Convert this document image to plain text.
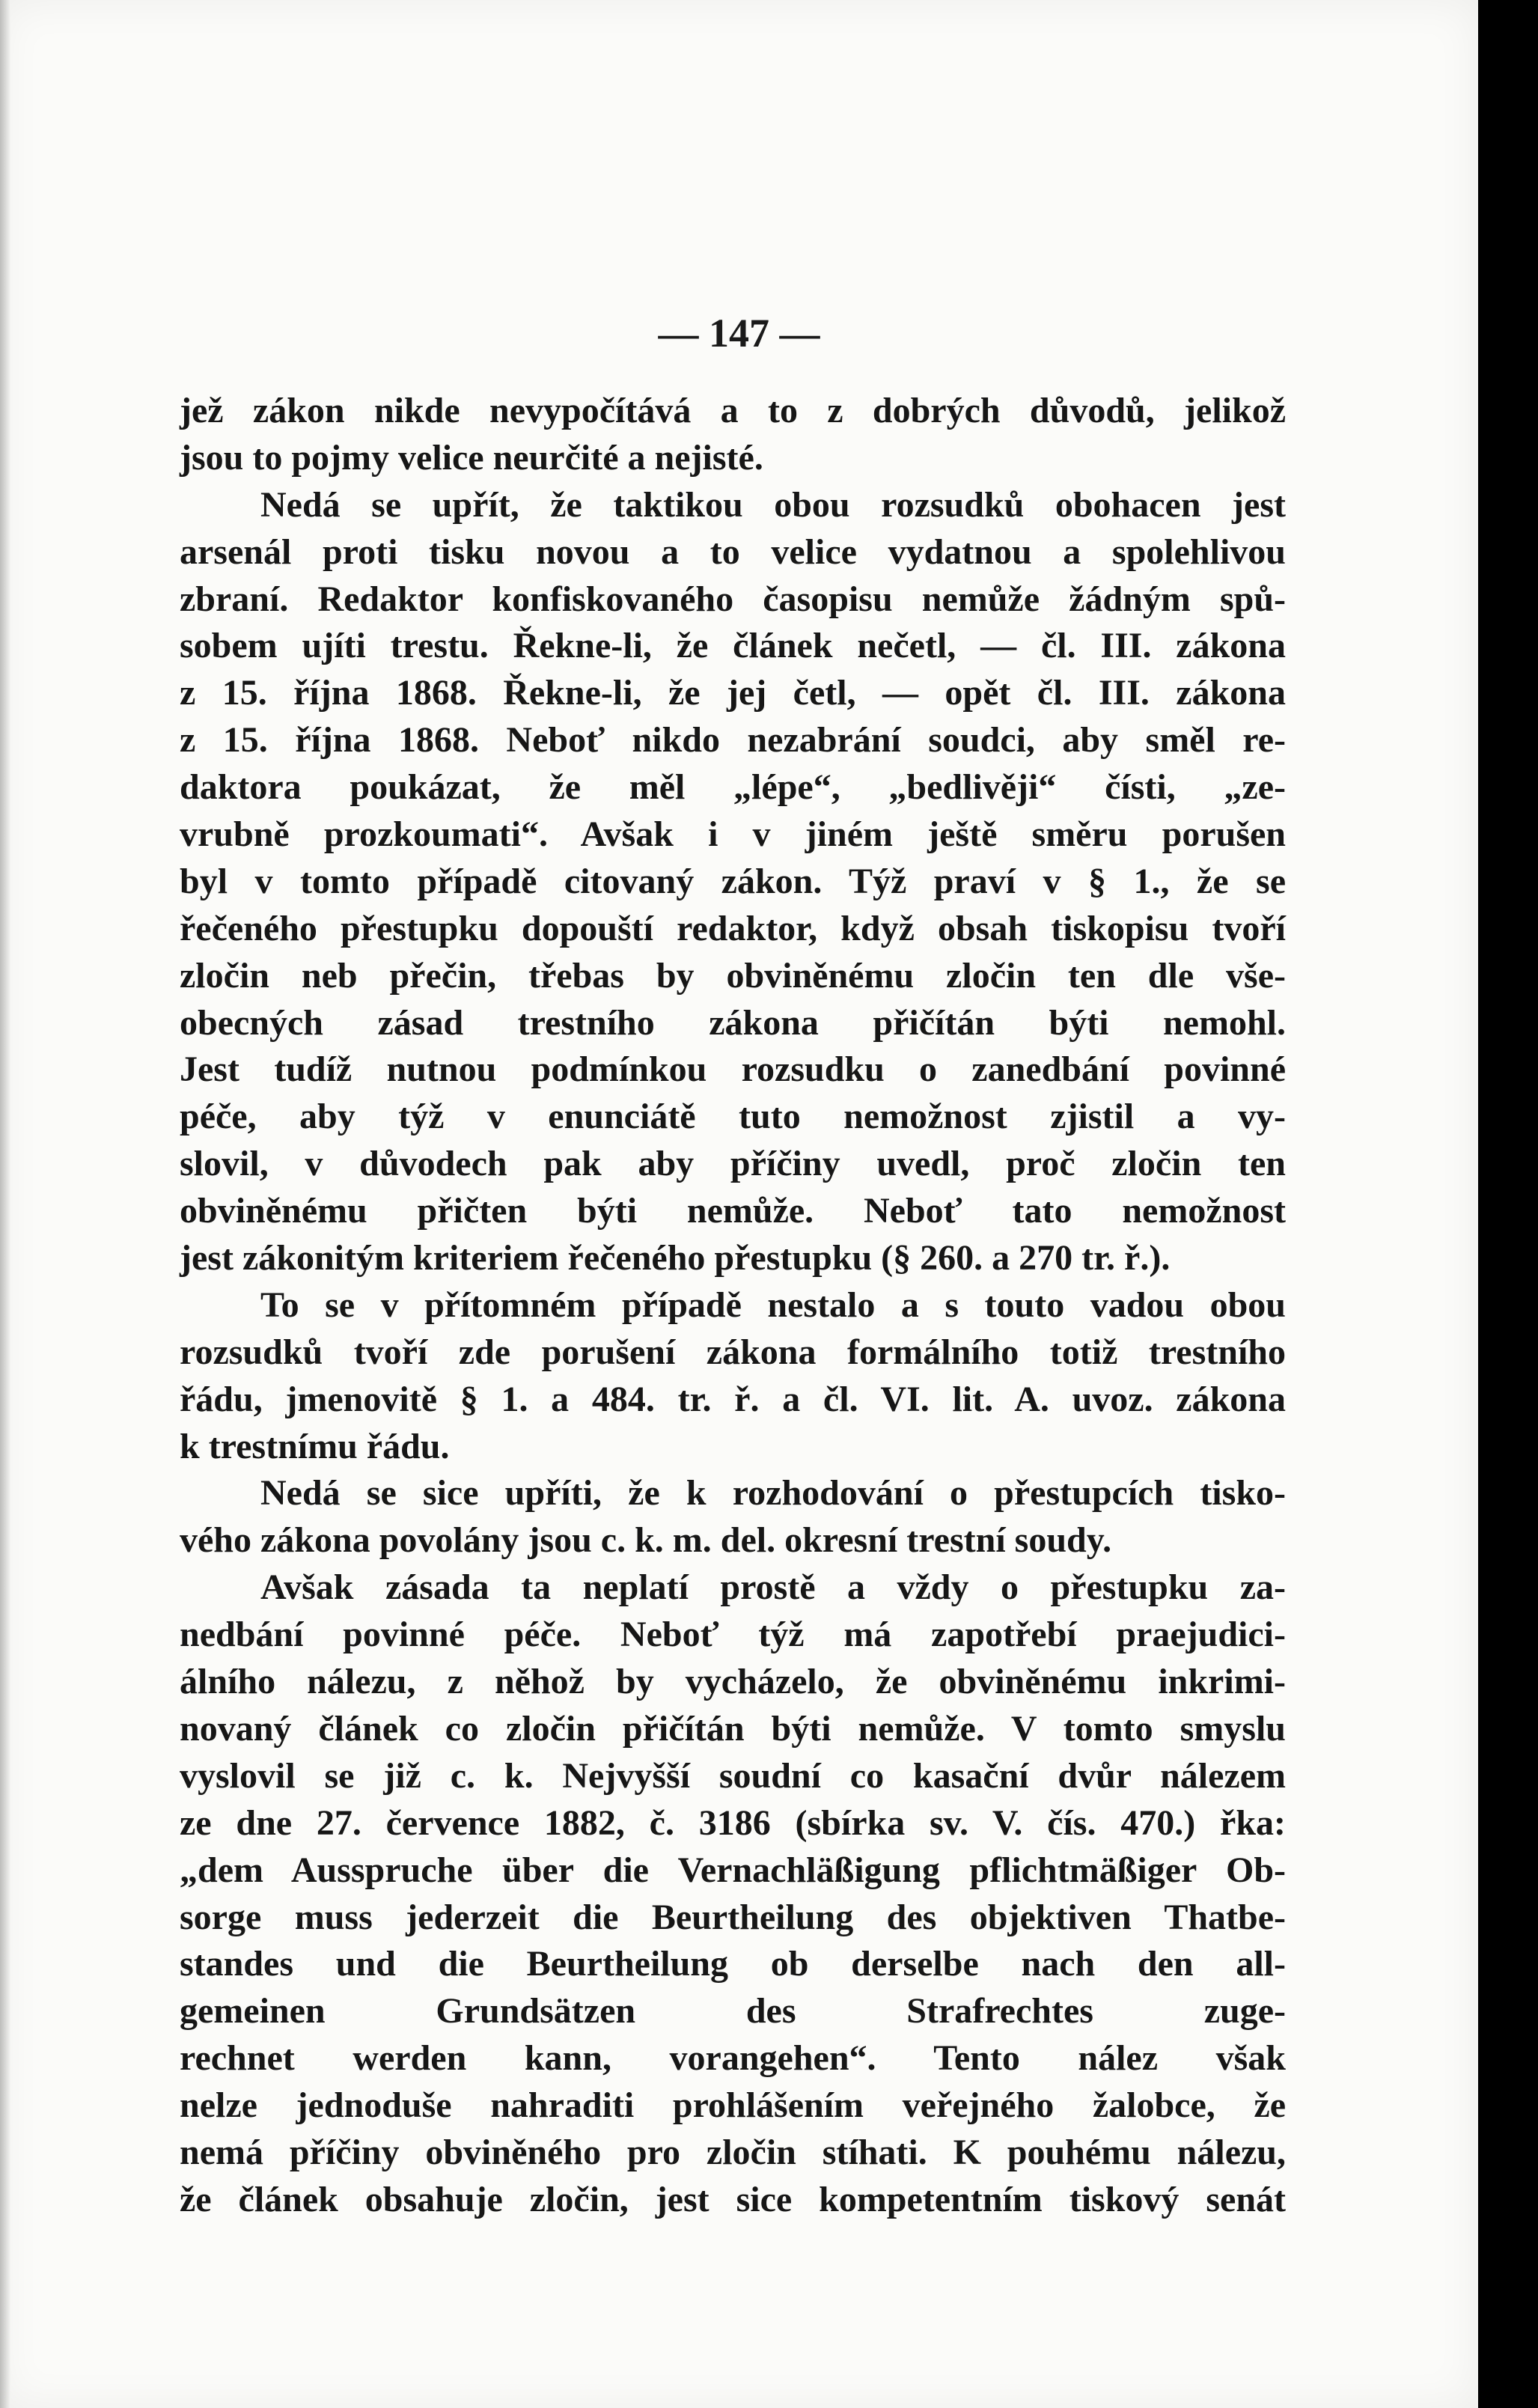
— 147 —
jež zákon nikde nevypočítává a to z dobrých důvodů, jelikož
jsou to pojmy velice neurčité a nejisté.
Nedá se upřít, že taktikou obou rozsudků obohacen jest
arsenál proti tisku novou a to velice vydatnou a spolehlivou
zbraní. Redaktor konfiskovaného časopisu nemůže žádným spů-
sobem ujíti trestu. Řekne-li, že článek nečetl, — čl. III. zákona
z 15. října 1868. Řekne-li, že jej četl, — opět čl. III. zákona
z 15. října 1868. Neboť nikdo nezabrání soudci, aby směl re-
daktora poukázat, že měl „lépe“, „bedlivěji“ čísti, „ze-
vrubně prozkoumati“. Avšak i v jiném ještě směru porušen
byl v tomto případě citovaný zákon. Týž praví v § 1., že se
řečeného přestupku dopouští redaktor, když obsah tiskopisu tvoří
zločin neb přečin, třebas by obviněnému zločin ten dle vše-
obecných zásad trestního zákona přičítán býti nemohl.
Jest tudíž nutnou podmínkou rozsudku o zanedbání povinné
péče, aby týž v enunciátě tuto nemožnost zjistil a vy-
slovil, v důvodech pak aby příčiny uvedl, proč zločin ten
obviněnému přičten býti nemůže. Neboť tato nemožnost
jest zákonitým kriteriem řečeného přestupku (§ 260. a 270 tr. ř.).
To se v přítomném případě nestalo a s touto vadou obou
rozsudků tvoří zde porušení zákona formálního totiž trestního
řádu, jmenovitě § 1. a 484. tr. ř. a čl. VI. lit. A. uvoz. zákona
k trestnímu řádu.
Nedá se sice upříti, že k rozhodování o přestupcích tisko-
vého zákona povolány jsou c. k. m. del. okresní trestní soudy.
Avšak zásada ta neplatí prostě a vždy o přestupku za-
nedbání povinné péče. Neboť týž má zapotřebí praejudici-
álního nálezu, z něhož by vycházelo, že obviněnému inkrimi-
novaný článek co zločin přičítán býti nemůže. V tomto smyslu
vyslovil se již c. k. Nejvyšší soudní co kasační dvůr nálezem
ze dne 27. července 1882, č. 3186 (sbírka sv. V. čís. 470.) řka:
„dem Ausspruche über die Vernachläßigung pflichtmäßiger Ob-
sorge muss jederzeit die Beurtheilung des objektiven Thatbe-
standes und die Beurtheilung ob derselbe nach den all-
gemeinen Grundsätzen des Strafrechtes zuge-
rechnet werden kann, vorangehen“. Tento nález však
nelze jednoduše nahraditi prohlášením veřejného žalobce, že
nemá příčiny obviněného pro zločin stíhati. K pouhému nálezu,
že článek obsahuje zločin, jest sice kompetentním tiskový senát
